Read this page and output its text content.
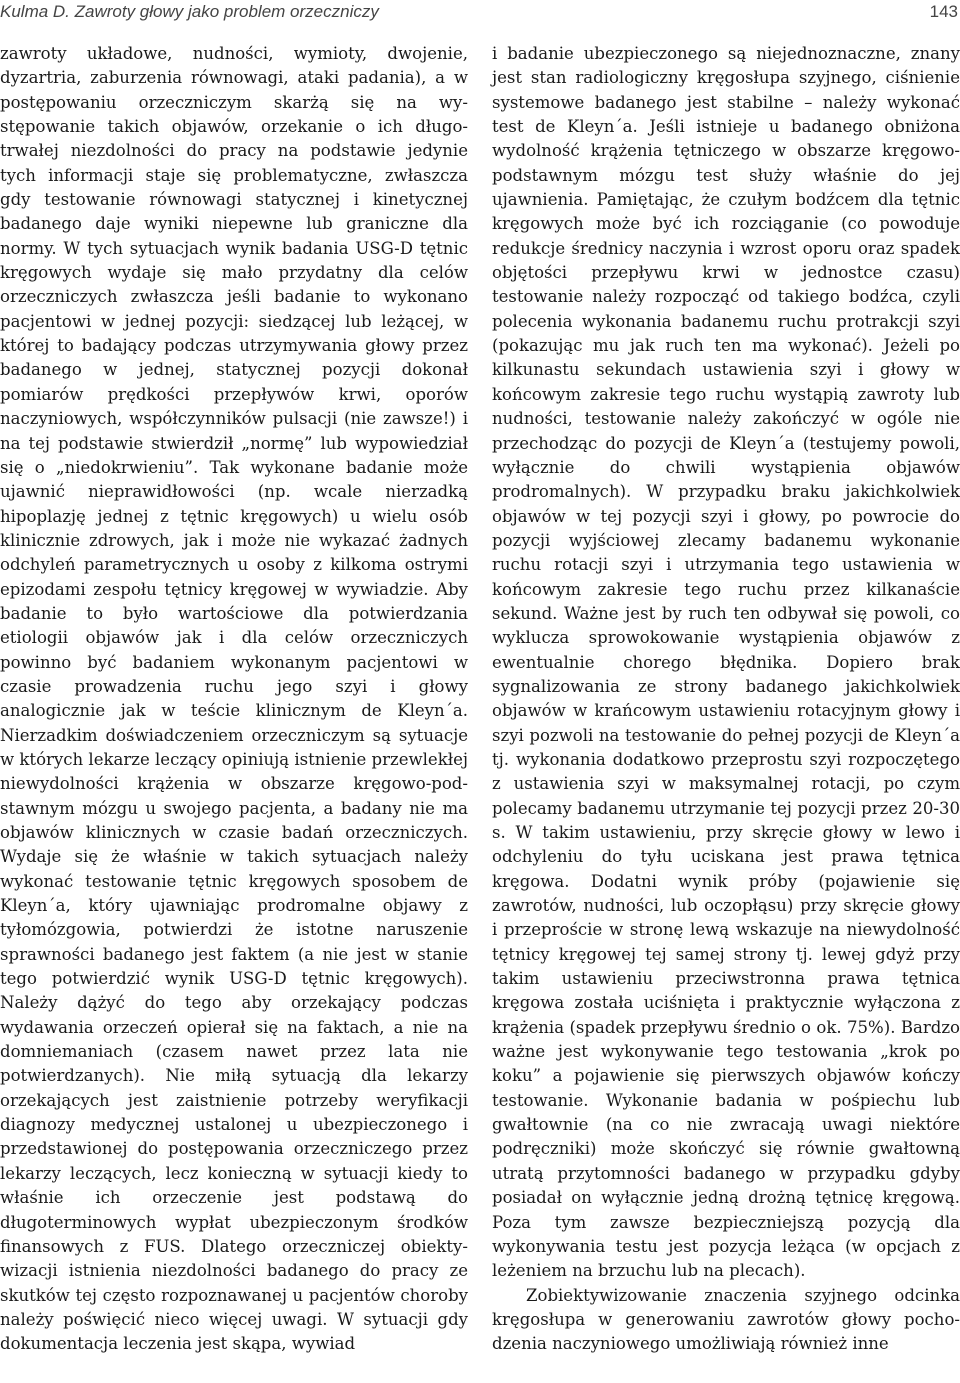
Kulma D. Zawroty głowy jako problem orzeczniczy	143

zawroty układowe, nudności, wymioty, dwojenie, dyzartria, zaburzenia równowagi, ataki padania), a w postępowaniu orzeczniczym skarżą się na występowanie takich objawów, orzekanie o ich długotrwałej niezdolności do pracy na podstawie jedynie tych informacji staje się problematyczne, zwłaszcza gdy testowanie równowagi statycznej i kinetycznej badanego daje wyniki niepewne lub graniczne dla normy. W tych sytuacjach wynik badania USG-D tętnic kręgowych wydaje się mało przydatny dla celów orzeczniczych zwłaszcza jeśli badanie to wykonano pacjentowi w jednej pozycji: siedzącej lub leżącej, w której to badający podczas utrzymywania głowy przez badanego w jednej, statycznej pozycji dokonał pomiarów prędkości przepływów krwi, oporów naczyniowych, współczynników pulsacji (nie zawsze!) i na tej podstawie stwierdził „normę” lub wypowiedział się o „niedokrwieniu”. Tak wykonane badanie może ujawnić nieprawidłowości (np. wcale nierzadką hipoplazję jednej z tętnic kręgowych) u wielu osób klinicznie zdrowych, jak i może nie wykazać żadnych odchyleń parametrycznych u osoby z kilkoma ostrymi epizodami zespołu tętnicy kręgowej w wywiadzie. Aby badanie to było wartościowe dla potwierdzania etiologii objawów jak i dla celów orzeczniczych powinno być badaniem wykonanym pacjentowi w czasie prowadzenia ruchu jego szyi i głowy analogicznie jak w teście klinicznym de Kleyn´a. Nierzadkim doświadczeniem orzeczniczym są sytuacje w których lekarze leczący opiniują istnienie przewlekłej niewydolności krążenia w obszarze kręgowo-podstawnym mózgu u swojego pacjenta, a badany nie ma objawów klinicznych w czasie badań orzeczniczych. Wydaje się że właśnie w takich sytuacjach należy wykonać testowanie tętnic kręgowych sposobem de Kleyn´a, który ujawniając prodromalne objawy z tyłomózgowia, potwierdzi że istotne naruszenie sprawności badanego jest faktem (a nie jest w stanie tego potwierdzić wynik USG-D tętnic kręgowych). Należy dążyć do tego aby orzekający podczas wydawania orzeczeń opierał się na faktach, a nie na domniemaniach (czasem nawet przez lata nie potwierdzanych). Nie miłą sytuacją dla lekarzy orzekających jest zaistnienie potrzeby weryfikacji diagnozy medycznej ustalonej u ubezpieczonego i przedstawionej do postępowania orzeczniczego przez lekarzy leczących, lecz konieczną w sytuacji kiedy to właśnie ich orzeczenie jest podstawą do długoterminowych wypłat ubezpieczonym środków finansowych z FUS. Dlatego orzeczniczej obiektywizacji istnienia niezdolności badanego do pracy ze skutków tej często rozpoznawanej u pacjentów choroby należy poświęcić nieco więcej uwagi. W sytuacji gdy dokumentacja leczenia jest skąpa, wywiad

i badanie ubezpieczonego są niejednoznaczne, znany jest stan radiologiczny kręgosłupa szyjnego, ciśnienie systemowe badanego jest stabilne – należy wykonać test de Kleyn´a. Jeśli istnieje u badanego obniżona wydolność krążenia tętniczego w obszarze kręgowo-podstawnym mózgu test służy właśnie do jej ujawnienia. Pamiętając, że czułym bodźcem dla tętnic kręgowych może być ich rozciąganie (co powoduje redukcje średnicy naczynia i wzrost oporu oraz spadek objętości przepływu krwi w jednostce czasu) testowanie należy rozpocząć od takiego bodźca, czyli polecenia wykonania badanemu ruchu protrakcji szyi (pokazując mu jak ruch ten ma wykonać). Jeżeli po kilkunastu sekundach ustawienia szyi i głowy w końcowym zakresie tego ruchu wystąpią zawroty lub nudności, testowanie należy zakończyć w ogóle nie przechodząc do pozycji de Kleyn´a (testujemy powoli, wyłącznie do chwili wystąpienia objawów prodromalnych). W przypadku braku jakichkolwiek objawów w tej pozycji szyi i głowy, po powrocie do pozycji wyjściowej zlecamy badanemu wykonanie ruchu rotacji szyi i utrzymania tego ustawienia w końcowym zakresie tego ruchu przez kilkanaście sekund. Ważne jest by ruch ten odbywał się powoli, co wyklucza sprowokowanie wystąpienia objawów z ewentualnie chorego błędnika. Dopiero brak sygnalizowania ze strony badanego jakichkolwiek objawów w krańcowym ustawieniu rotacyjnym głowy i szyi pozwoli na testowanie do pełnej pozycji de Kleyn´a tj. wykonania dodatkowo przeprostu szyi rozpoczętego z ustawienia szyi w maksymalnej rotacji, po czym polecamy badanemu utrzymanie tej pozycji przez 20-30 s. W takim ustawieniu, przy skręcie głowy w lewo i odchyleniu do tyłu uciskana jest prawa tętnica kręgowa. Dodatni wynik próby (pojawienie się zawrotów, nudności, lub oczopłąsu) przy skręcie głowy i przeproście w stronę lewą wskazuje na niewydolność tętnicy kręgowej tej samej strony tj. lewej gdyż przy takim ustawieniu przeciwstronna prawa tętnica kręgowa została uciśnięta i praktycznie wyłączona z krążenia (spadek przepływu średnio o ok. 75%). Bardzo ważne jest wykonywanie tego testowania „krok po koku” a pojawienie się pierwszych objawów kończy testowanie. Wykonanie badania w pośpiechu lub gwałtownie (na co nie zwracają uwagi niektóre podręczniki) może skończyć się równie gwałtowną utratą przytomności badanego w przypadku gdyby posiadał on wyłącznie jedną drożną tętnicę kręgową. Poza tym zawsze bezpieczniejszą pozycją dla wykonywania testu jest pozycja leżąca (w opcjach z leżeniem na brzuchu lub na plecach).

Zobiektywizowanie znaczenia szyjnego odcinka kręgosłupa w generowaniu zawrotów głowy pochodzenia naczyniowego umożliwiają również inne
